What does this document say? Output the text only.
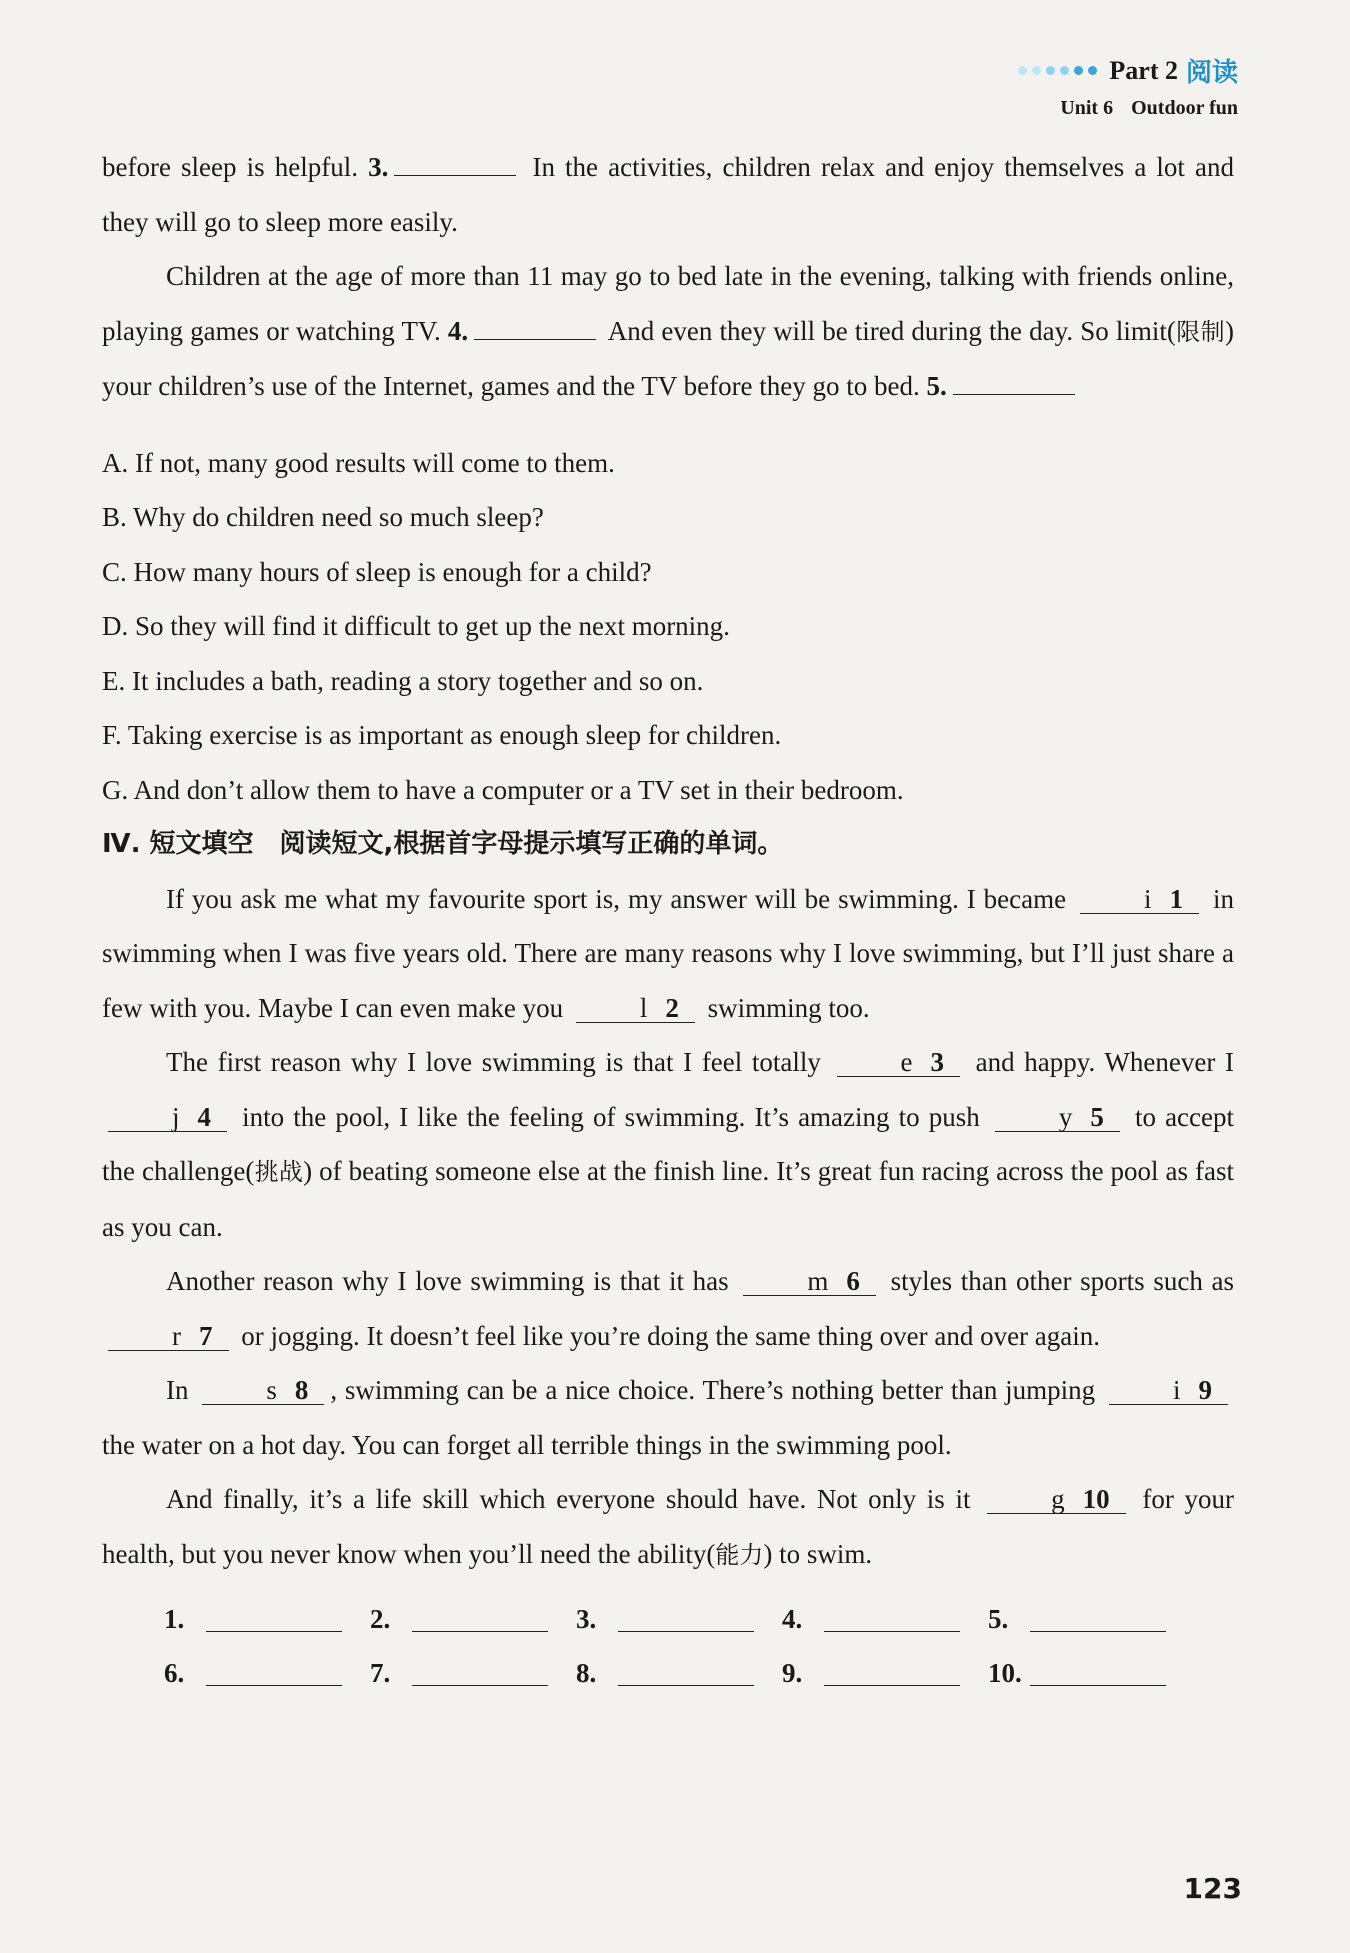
Part 2 阅读
Unit 6 Outdoor fun

before sleep is helpful. 3.	In the activities, children relax and enjoy themselves a lot and they will go to sleep more easily.

Children at the age of more than 11 may go to bed late in the evening, talking with friends online, playing games or watching TV. 4.	And even they will be tired during the day. So limit(限制) your children’s use of the Internet, games and the TV before they go to bed. 5.

A. If not, many good results will come to them.

B. Why do children need so much sleep?

C. How many hours of sleep is enough for a child?

D. So they will find it difficult to get up the next morning.

E. It includes a bath, reading a story together and so on.

F. Taking exercise is as important as enough sleep for children.

G. And don’t allow them to have a computer or a TV set in their bedroom.

Ⅳ. 短文填空　阅读短文,根据首字母提示填写正确的单词。

If you ask me what my favourite sport is, my answer will be swimming. I became	i 1 in swimming when I was five years old. There are many reasons why I love swimming, but I’ll just share a few with you. Maybe I can even make you	l 2 swimming too.

The first reason why I love swimming is that I feel totally	e 3 and happy. Whenever I j 4 into the pool, I like the feeling of swimming. It’s amazing to push	y 5 to accept the challenge(挑战) of beating someone else at the finish line. It’s great fun racing across the pool as fast as you can.

Another reason why I love swimming is that it has	m 6 styles than other sports such as r 7 or jogging. It doesn’t feel like you’re doing the same thing over and over again.

In	s 8 , swimming can be a nice choice. There’s nothing better than jumping	i 9 the water on a hot day. You can forget all terrible things in the swimming pool.

And finally, it’s a life skill which everyone should have. Not only is it	g 10 for your health, but you never know when you’ll need the ability(能力) to swim.

1.	2.	3.	4.	5.
6.	7.	8.	9.	10.
123
